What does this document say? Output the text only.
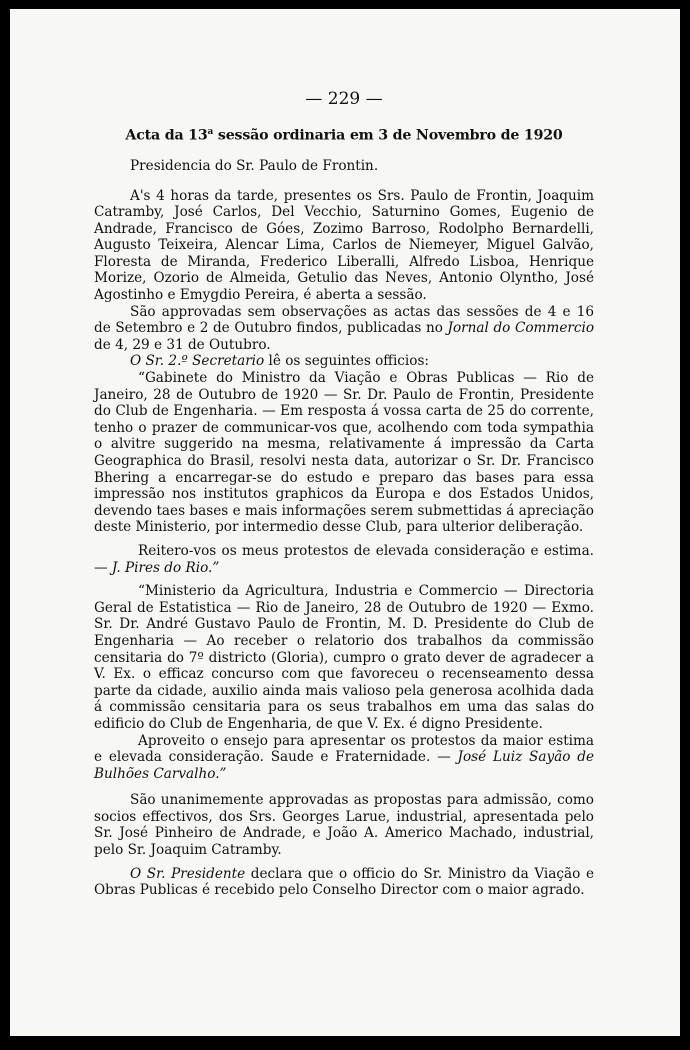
— 229 —
Acta da 13$^a$ sessão ordinaria em 3 de Novembro de 1920

Presidencia do Sr. Paulo de Frontin.

A's 4 horas da tarde, presentes os Srs. Paulo de Frontin, Joaquim Catramby, José Carlos, Del Vecchio, Saturnino Gomes, Eugenio de Andrade, Francisco de Góes, Zozimo Barroso, Rodolpho Bernardelli, Augusto Teixeira, Alencar Lima, Carlos de Niemeyer, Miguel Galvão, Floresta de Miranda, Frederico Liberalli, Alfredo Lisboa, Henrique Morize, Ozorio de Almeida, Getulio das Neves, Antonio Olyntho, José Agostinho e Emygdio Pereira, é aberta a sessão.

São approvadas sem observações as actas das sessões de 4 e 16 de Setembro e 2 de Outubro findos, publicadas no Jornal do Commercio de 4, 29 e 31 de Outubro.

O Sr. 2.º Secretario lê os seguintes officios:

“Gabinete do Ministro da Viação e Obras Publicas — Rio de Janeiro, 28 de Outubro de 1920 — Sr. Dr. Paulo de Frontin, Presidente do Club de Engenharia. — Em resposta á vossa carta de 25 do corrente, tenho o prazer de communicar-vos que, acolhendo com toda sympathia o alvitre suggerido na mesma, relativamente á impressão da Carta Geographica do Brasil, resolvi nesta data, autorizar o Sr. Dr. Francisco Bhering a encarregar-se do estudo e preparo das bases para essa impressão nos institutos graphicos da Europa e dos Estados Unidos, devendo taes bases e mais informações serem submettidas á apreciação deste Ministerio, por intermedio desse Club, para ulterior deliberação.

Reitero-vos os meus protestos de elevada consideração e estima. — J. Pires do Rio.”

“Ministerio da Agricultura, Industria e Commercio — Directoria Geral de Estatistica — Rio de Janeiro, 28 de Outubro de 1920 — Exmo. Sr. Dr. André Gustavo Paulo de Frontin, M. D. Presidente do Club de Engenharia — Ao receber o relatorio dos trabalhos da commissão censitaria do 7º districto (Gloria), cumpro o grato dever de agradecer a V. Ex. o efficaz concurso com que favoreceu o recenseamento dessa parte da cidade, auxilio ainda mais valioso pela generosa acolhida dada á commissão censitaria para os seus trabalhos em uma das salas do edificio do Club de Engenharia, de que V. Ex. é digno Presidente.

Aproveito o ensejo para apresentar os protestos da maior estima e elevada consideração. Saude e Fraternidade. — José Luiz Sayão de Bulhões Carvalho.”

São unanimemente approvadas as propostas para admissão, como socios effectivos, dos Srs. Georges Larue, industrial, apresentada pelo Sr. José Pinheiro de Andrade, e João A. Americo Machado, industrial, pelo Sr. Joaquim Catramby.

O Sr. Presidente declara que o officio do Sr. Ministro da Viação e Obras Publicas é recebido pelo Conselho Director com o maior agrado.
